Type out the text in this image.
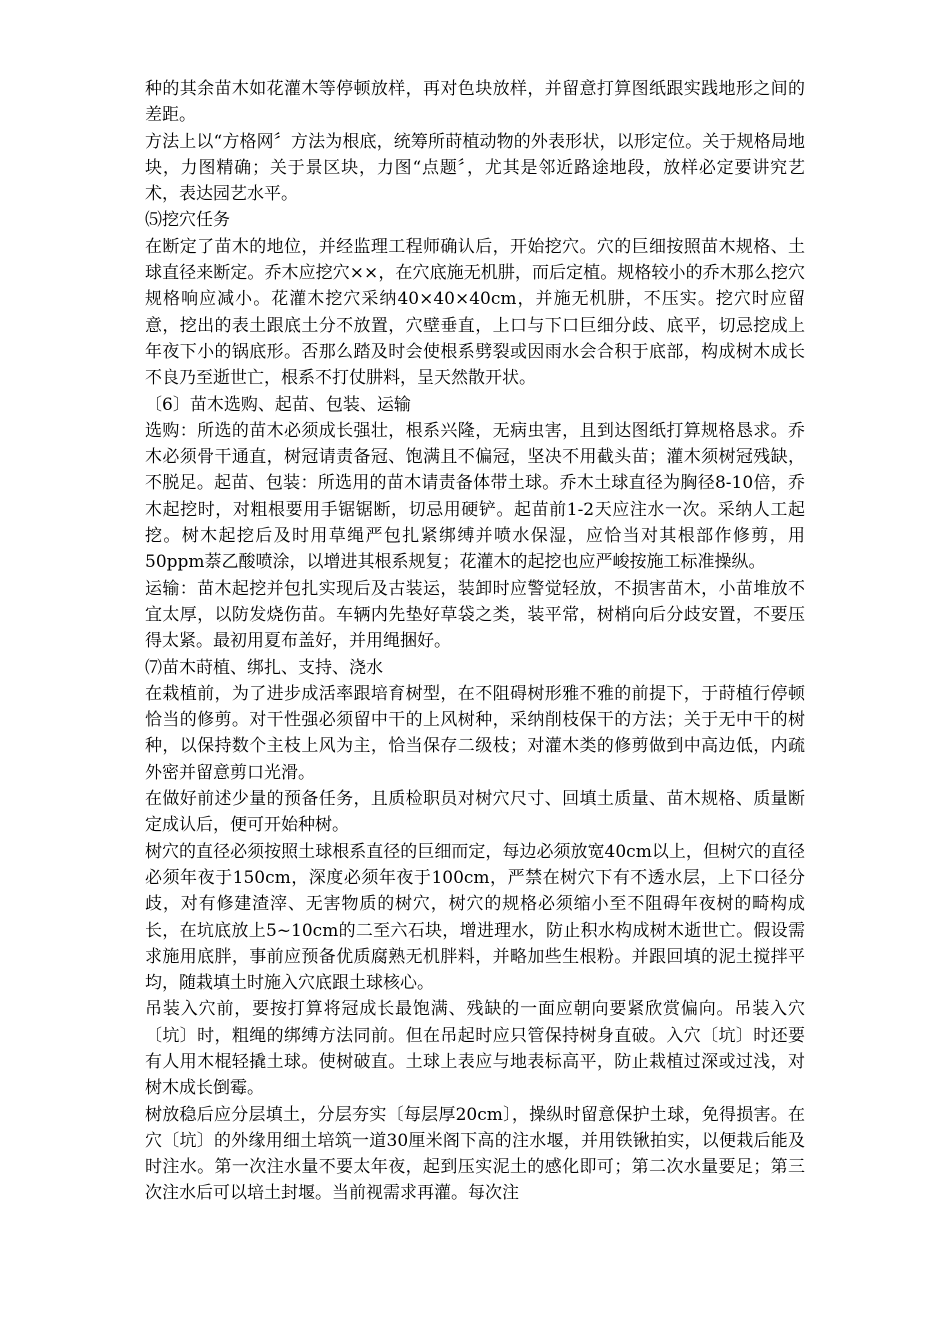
种的其余苗木如花灌木等停顿放样，再对色块放样，并留意打算图纸跟实践地形之间的差距。

方法上以“方格网〞方法为根底，统筹所莳植动物的外表形状，以形定位。关于规格局地块，力图精确；关于景区块，力图“点题〞，尤其是邻近路途地段，放样必定要讲究艺术，表达园艺水平。

⑸挖穴任务

在断定了苗木的地位，并经监理工程师确认后，开始挖穴。穴的巨细按照苗木规格、土球直径来断定。乔木应挖穴××，在穴底施无机肼，而后定植。规格较小的乔木那么挖穴规格响应减小。花灌木挖穴采纳40×40×40cm，并施无机肼，不压实。挖穴时应留意，挖出的表土跟底土分不放置，穴壁垂直，上口与下口巨细分歧、底平，切忌挖成上年夜下小的锅底形。否那么踏及时会使根系劈裂或因雨水会合积于底部，构成树木成长不良乃至逝世亡，根系不打仗肼料，呈天然散开状。

〔6〕苗木选购、起苗、包装、运输

选购：所选的苗木必须成长强壮，根系兴隆，无病虫害，且到达图纸打算规格恳求。乔木必须骨干通直，树冠请责备冠、饱满且不偏冠，坚决不用截头苗；灌木须树冠残缺，不脱足。起苗、包装：所选用的苗木请责备体带土球。乔木土球直径为胸径8-10倍，乔木起挖时，对粗根要用手锯锯断，切忌用硬铲。起苗前1-2天应注水一次。采纳人工起挖。树木起挖后及时用草绳严包扎紧绑缚并喷水保湿，应恰当对其根部作修剪，用50ppm萘乙酸喷涂，以增进其根系规复；花灌木的起挖也应严峻按施工标准操纵。

运输：苗木起挖并包扎实现后及古装运，装卸时应警觉轻放，不损害苗木，小苗堆放不宜太厚，以防发烧伤苗。车辆内先垫好草袋之类，装平常，树梢向后分歧安置，不要压得太紧。最初用夏布盖好，并用绳捆好。

⑺苗木莳植、绑扎、支持、浇水

在栽植前，为了进步成活率跟培育树型，在不阻碍树形雅不雅的前提下，于莳植行停顿恰当的修剪。对干性强必须留中干的上风树种，采纳削枝保干的方法；关于无中干的树种，以保持数个主枝上风为主，恰当保存二级枝；对灌木类的修剪做到中高边低，内疏外密并留意剪口光滑。

在做好前述少量的预备任务，且质检职员对树穴尺寸、回填土质量、苗木规格、质量断定成认后，便可开始种树。

树穴的直径必须按照土球根系直径的巨细而定，每边必须放宽40cm以上，但树穴的直径必须年夜于150cm，深度必须年夜于100cm，严禁在树穴下有不透水层，上下口径分歧，对有修建渣滓、无害物质的树穴，树穴的规格必须缩小至不阻碍年夜树的畸构成长，在坑底放上5~10cm的二至六石块，增进理水，防止积水构成树木逝世亡。假设需求施用底胖，事前应预备优质腐熟无机胖料，并略加些生根粉。并跟回填的泥土搅拌平均，随栽填土时施入穴底跟土球核心。

吊装入穴前，要按打算将冠成长最饱满、残缺的一面应朝向要紧欣赏偏向。吊装入穴〔坑〕时，粗绳的绑缚方法同前。但在吊起时应只管保持树身直破。入穴〔坑〕时还要有人用木棍轻撬土球。使树破直。土球上表应与地表标高平，防止栽植过深或过浅，对树木成长倒霉。

树放稳后应分层填土，分层夯实〔每层厚20cm〕，操纵时留意保护土球，免得损害。在穴〔坑〕的外缘用细土培筑一道30厘米阁下高的注水堰，并用铁锹拍实，以便栽后能及时注水。第一次注水量不要太年夜，起到压实泥土的感化即可；第二次水量要足；第三次注水后可以培土封堰。当前视需求再灌。每次注
